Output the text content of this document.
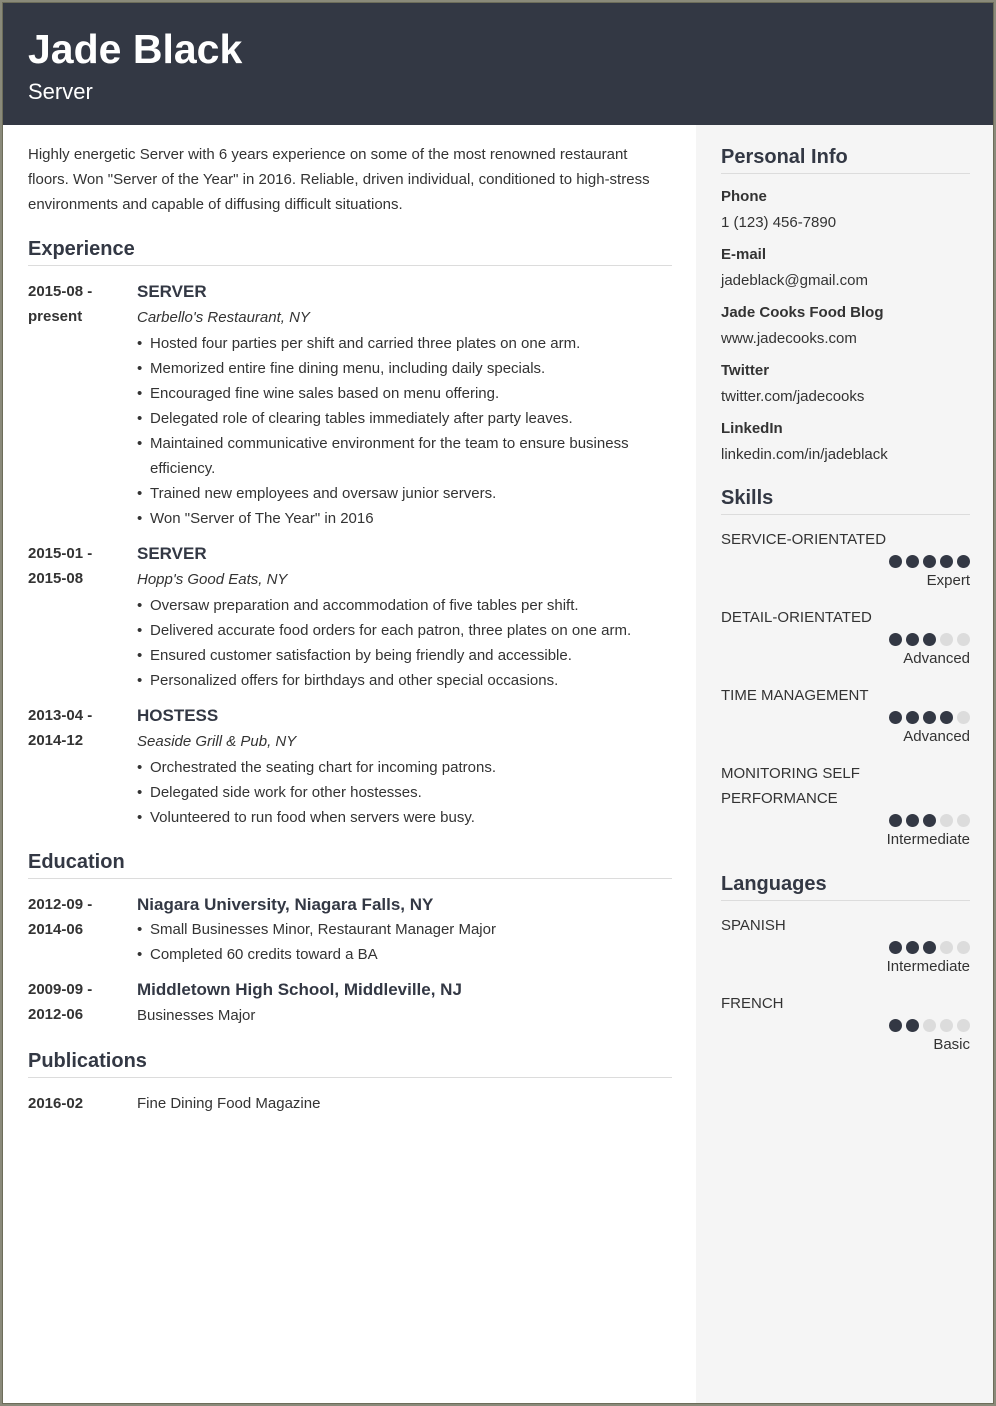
Jade Black
Server

Highly energetic Server with 6 years experience on some of the most renowned restaurant floors. Won "Server of the Year" in 2016. Reliable, driven individual, conditioned to high-stress environments and capable of diffusing difficult situations.

Experience
2015-08 -
present
SERVER
Carbello's Restaurant, NY
• Hosted four parties per shift and carried three plates on one arm.
• Memorized entire fine dining menu, including daily specials.
• Encouraged fine wine sales based on menu offering.
• Delegated role of clearing tables immediately after party leaves.
• Maintained communicative environment for the team to ensure business efficiency.
• Trained new employees and oversaw junior servers.
• Won "Server of The Year" in 2016
2015-01 -
2015-08
SERVER
Hopp's Good Eats, NY
• Oversaw preparation and accommodation of five tables per shift.
• Delivered accurate food orders for each patron, three plates on one arm.
• Ensured customer satisfaction by being friendly and accessible.
• Personalized offers for birthdays and other special occasions.
2013-04 -
2014-12
HOSTESS
Seaside Grill & Pub, NY
• Orchestrated the seating chart for incoming patrons.
• Delegated side work for other hostesses.
• Volunteered to run food when servers were busy.
Education
2012-09 -
2014-06
Niagara University, Niagara Falls, NY
• Small Businesses Minor, Restaurant Manager Major
• Completed 60 credits toward a BA
2009-09 -
2012-06
Middletown High School, Middleville, NJ
Businesses Major
Publications
2016-02	Fine Dining Food Magazine
Personal Info
Phone
1 (123) 456-7890
E-mail
jadeblack@gmail.com
Jade Cooks Food Blog
www.jadecooks.com
Twitter
twitter.com/jadecooks
LinkedIn
linkedin.com/in/jadeblack
Skills
SERVICE-ORIENTATED
Expert
DETAIL-ORIENTATED
Advanced
TIME MANAGEMENT
Advanced
MONITORING SELF PERFORMANCE
Intermediate
Languages
SPANISH
Intermediate
FRENCH
Basic
